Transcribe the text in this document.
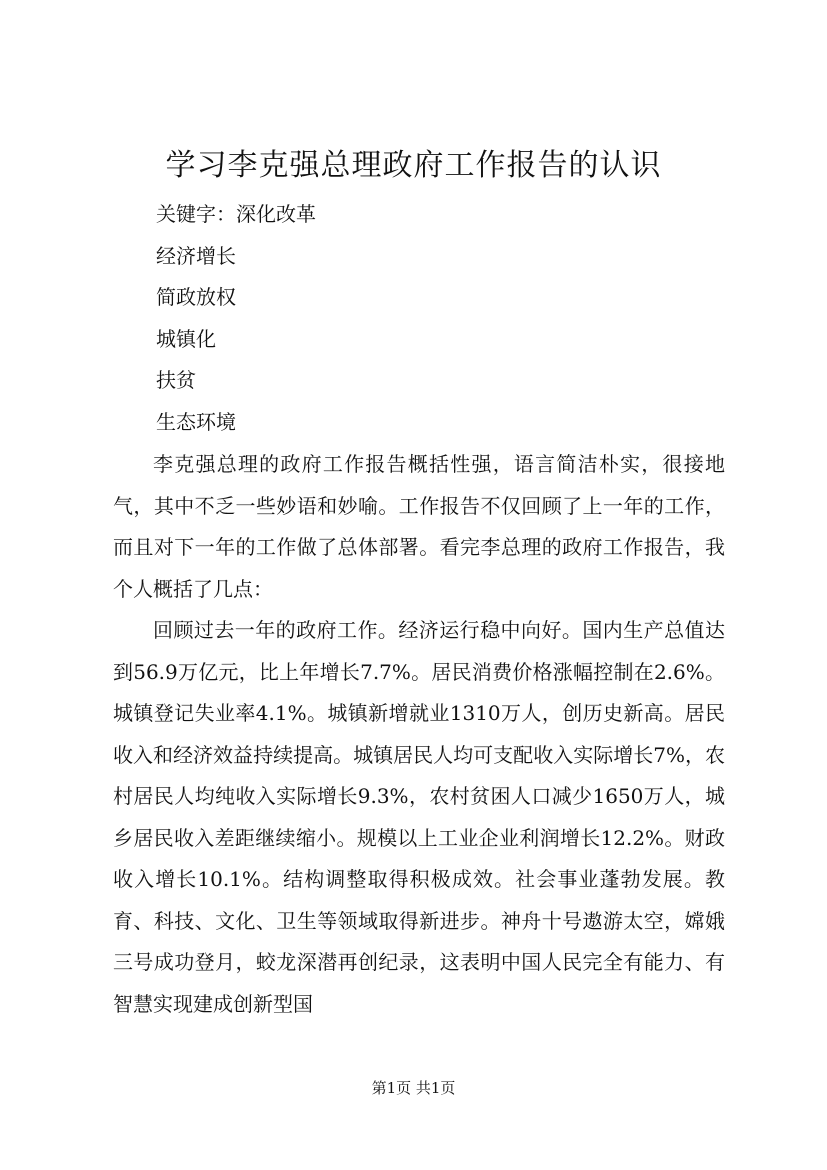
学习李克强总理政府工作报告的认识
关键字：深化改革
经济增长
简政放权
城镇化
扶贫
生态环境

李克强总理的政府工作报告概括性强，语言简洁朴实，很接地气，其中不乏一些妙语和妙喻。工作报告不仅回顾了上一年的工作，而且对下一年的工作做了总体部署。看完李总理的政府工作报告，我个人概括了几点：

回顾过去一年的政府工作。经济运行稳中向好。国内生产总值达到56.9万亿元，比上年增长7.7%。居民消费价格涨幅控制在2.6%。城镇登记失业率4.1%。城镇新增就业1310万人，创历史新高。居民收入和经济效益持续提高。城镇居民人均可支配收入实际增长7%，农村居民人均纯收入实际增长9.3%，农村贫困人口减少1650万人，城乡居民收入差距继续缩小。规模以上工业企业利润增长12.2%。财政收入增长10.1%。结构调整取得积极成效。社会事业蓬勃发展。教育、科技、文化、卫生等领域取得新进步。神舟十号遨游太空，嫦娥三号成功登月，蛟龙深潜再创纪录，这表明中国人民完全有能力、有智慧实现建成创新型国

第1页 共1页
